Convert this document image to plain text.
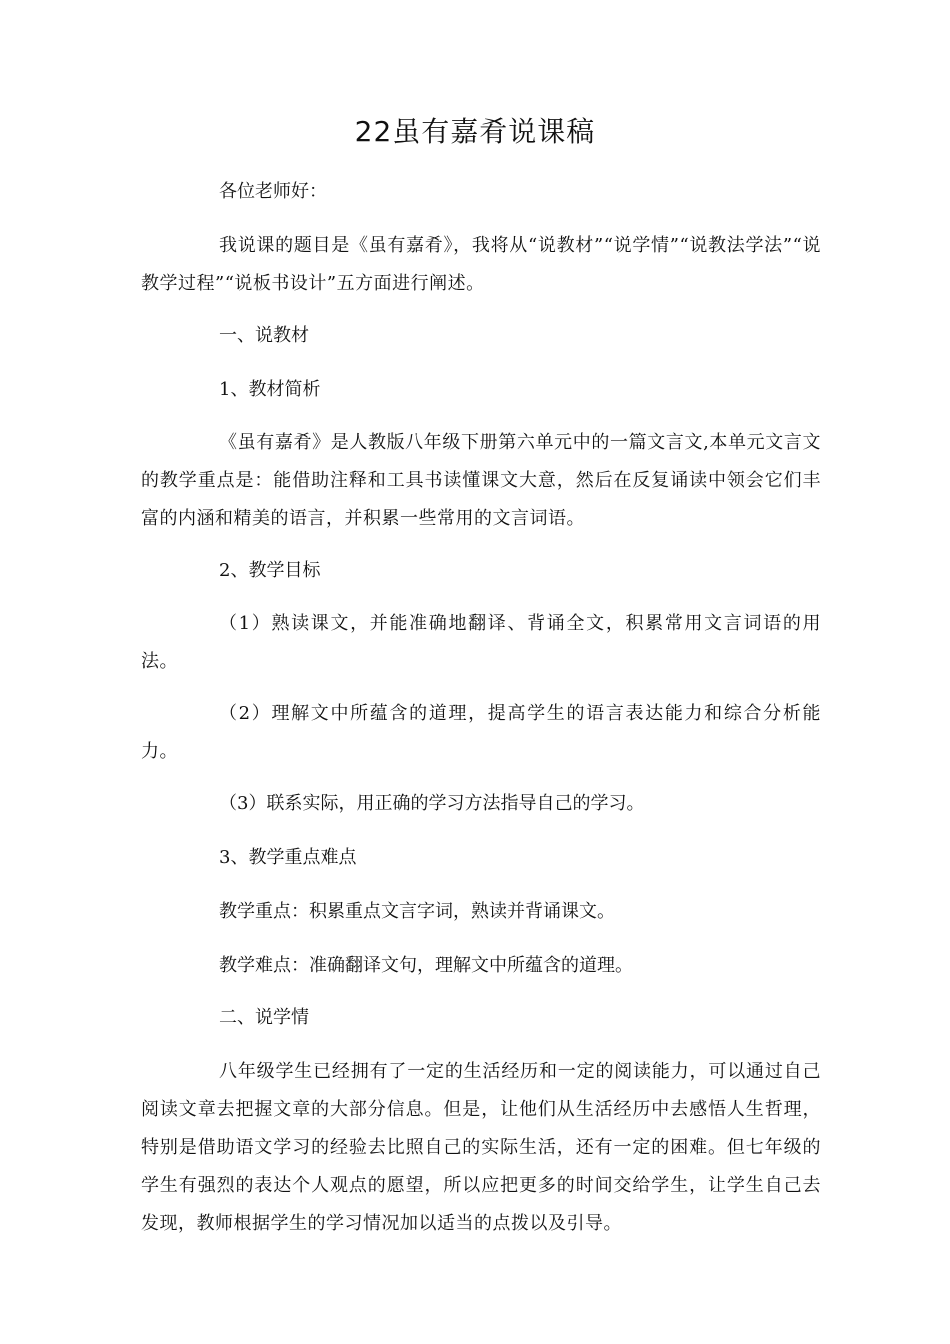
22虽有嘉肴说课稿

各位老师好：

我说课的题目是《虽有嘉肴》，我将从“说教材”“说学情”“说教法学法”“说教学过程”“说板书设计”五方面进行阐述。

一、说教材

1、教材简析

《虽有嘉肴》是人教版八年级下册第六单元中的一篇文言文,本单元文言文的教学重点是：能借助注释和工具书读懂课文大意，然后在反复诵读中领会它们丰富的内涵和精美的语言，并积累一些常用的文言词语。

2、教学目标

（1）熟读课文，并能准确地翻译、背诵全文，积累常用文言词语的用法。

（2）理解文中所蕴含的道理，提高学生的语言表达能力和综合分析能力。

（3）联系实际，用正确的学习方法指导自己的学习。

3、教学重点难点

教学重点：积累重点文言字词，熟读并背诵课文。

教学难点：准确翻译文句，理解文中所蕴含的道理。

二、说学情

八年级学生已经拥有了一定的生活经历和一定的阅读能力，可以通过自己阅读文章去把握文章的大部分信息。但是，让他们从生活经历中去感悟人生哲理，特别是借助语文学习的经验去比照自己的实际生活，还有一定的困难。但七年级的学生有强烈的表达个人观点的愿望，所以应把更多的时间交给学生，让学生自己去发现，教师根据学生的学习情况加以适当的点拨以及引导。
